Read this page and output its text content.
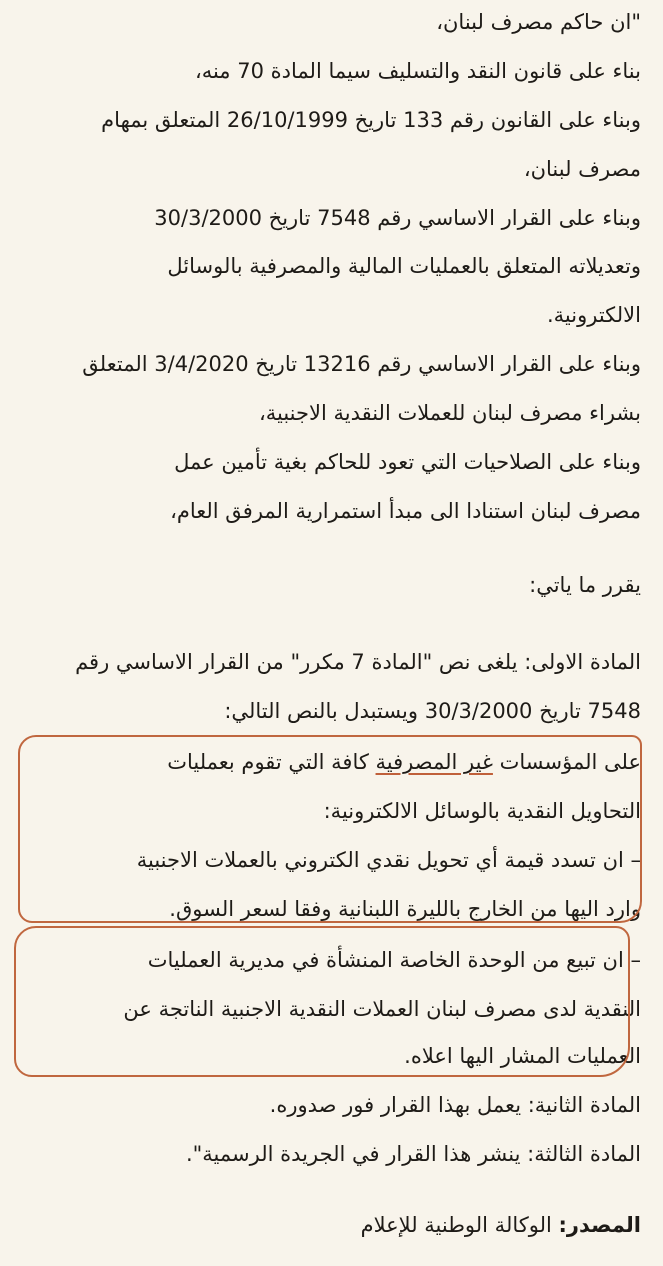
"ان حاكم مصرف لبنان،
بناء على قانون النقد والتسليف سيما المادة 70 منه،
وبناء على القانون رقم 133 تاريخ 26/10/1999 المتعلق بمهام
مصرف لبنان،
وبناء على القرار الاساسي رقم 7548 تاريخ 30/3/2000
وتعديلاته المتعلق بالعمليات المالية والمصرفية بالوسائل
الالكترونية.
وبناء على القرار الاساسي رقم 13216 تاريخ 3/4/2020 المتعلق
بشراء مصرف لبنان للعملات النقدية الاجنبية،
وبناء على الصلاحيات التي تعود للحاكم بغية تأمين عمل
مصرف لبنان استنادا الى مبدأ استمرارية المرفق العام،
يقرر ما ياتي:
المادة الاولى: يلغى نص "المادة 7 مكرر" من القرار الاساسي رقم
7548 تاريخ 30/3/2000 ويستبدل بالنص التالي:
على المؤسسات غير المصرفية كافة التي تقوم بعمليات
التحاويل النقدية بالوسائل الالكترونية:
– ان تسدد قيمة أي تحويل نقدي الكتروني بالعملات الاجنبية
وارد اليها من الخارج بالليرة اللبنانية وفقا لسعر السوق.
– ان تبيع من الوحدة الخاصة المنشأة في مديرية العمليات
النقدية لدى مصرف لبنان العملات النقدية الاجنبية الناتجة عن
العمليات المشار اليها اعلاه.
المادة الثانية: يعمل بهذا القرار فور صدوره.
المادة الثالثة: ينشر هذا القرار في الجريدة الرسمية".
المصدر: الوكالة الوطنية للإعلام
